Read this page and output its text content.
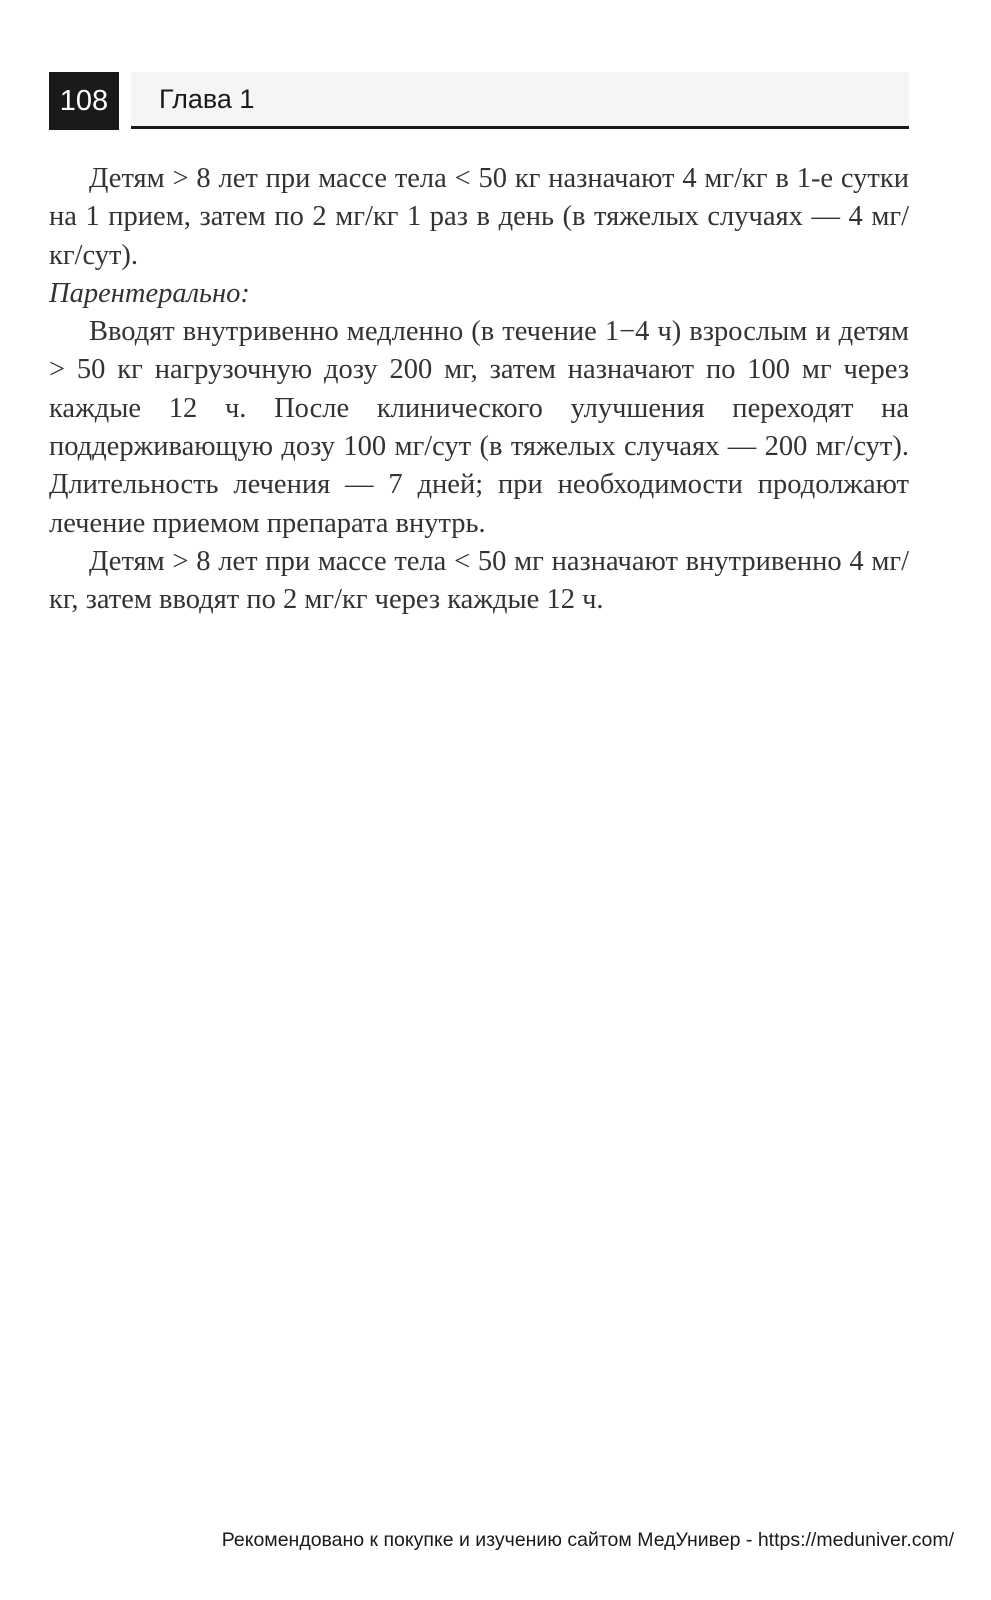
108	Глава 1

Детям > 8 лет при массе тела < 50 кг назначают 4 мг/кг в 1-е сутки на 1 прием, затем по 2 мг/кг 1 раз в день (в тяжелых случаях — 4 мг/кг/сут).

Парентерально:

Вводят внутривенно медленно (в течение 1−4 ч) взрослым и детям > 50 кг нагрузочную дозу 200 мг, затем назначают по 100 мг через каждые 12 ч. После клинического улучшения переходят на поддерживающую дозу 100 мг/сут (в тяжелых случаях — 200 мг/сут). Длительность лечения — 7 дней; при необходимости продолжают лечение приемом препарата внутрь.

Детям > 8 лет при массе тела < 50 мг назначают внутривенно 4 мг/кг, затем вводят по 2 мг/кг через каждые 12 ч.

Рекомендовано к покупке и изучению сайтом МедУнивер - https://meduniver.com/
